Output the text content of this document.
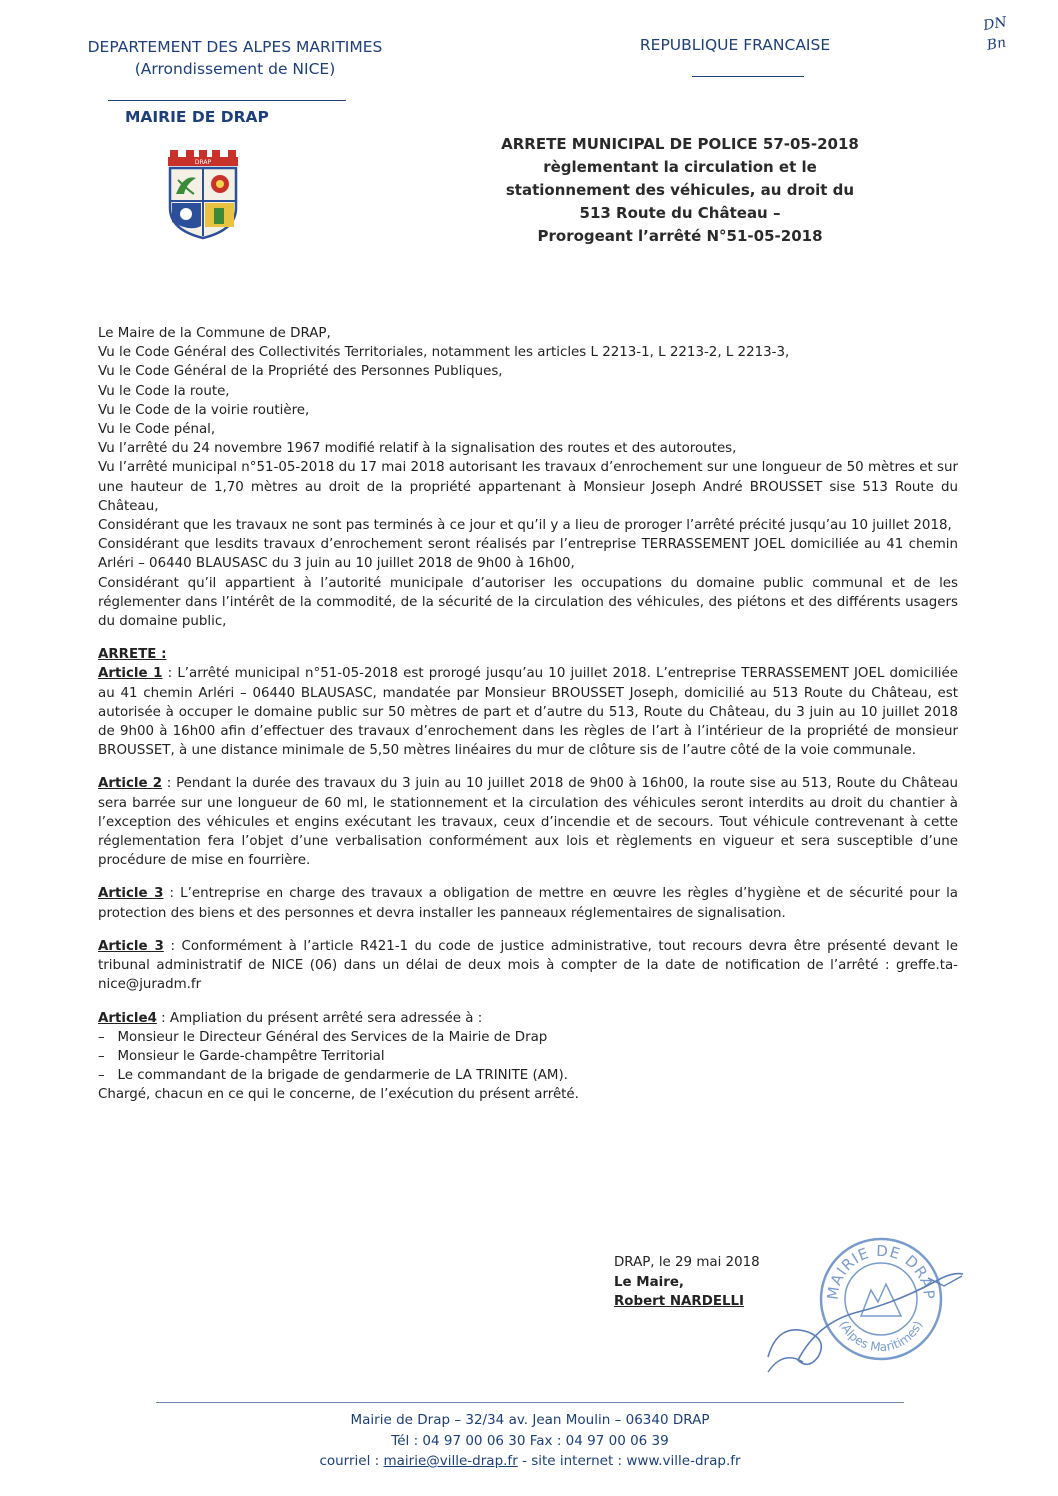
DEPARTEMENT DES ALPES MARITIMES
(Arrondissement de NICE)
REPUBLIQUE FRANCAISE
DN
Bn
MAIRIE DE DRAP
DRAP
ARRETE MUNICIPAL DE POLICE 57-05-2018
règlementant la circulation et le
stationnement des véhicules, au droit du
513 Route du Château –
Prorogeant l’arrêté N°51-05-2018

Le Maire de la Commune de DRAP,

Vu le Code Général des Collectivités Territoriales, notamment les articles L 2213-1, L 2213-2, L 2213-3,

Vu le Code Général de la Propriété des Personnes Publiques,

Vu le Code la route,

Vu le Code de la voirie routière,

Vu le Code pénal,

Vu l’arrêté du 24 novembre 1967 modifié relatif à la signalisation des routes et des autoroutes,

Vu l’arrêté municipal n°51-05-2018 du 17 mai 2018 autorisant les travaux d’enrochement sur une longueur de 50 mètres et sur une hauteur de 1,70 mètres au droit de la propriété appartenant à Monsieur Joseph André BROUSSET sise 513 Route du Château,

Considérant que les travaux ne sont pas terminés à ce jour et qu’il y a lieu de proroger l’arrêté précité jusqu’au 10 juillet 2018,

Considérant que lesdits travaux d’enrochement seront réalisés par l’entreprise TERRASSEMENT JOEL domiciliée au 41 chemin Arléri – 06440 BLAUSASC du 3 juin au 10 juillet 2018 de 9h00 à 16h00,

Considérant qu’il appartient à l’autorité municipale d’autoriser les occupations du domaine public communal et de les réglementer dans l’intérêt de la commodité, de la sécurité de la circulation des véhicules, des piétons et des différents usagers du domaine public,

ARRETE :

Article 1 : L’arrêté municipal n°51-05-2018 est prorogé jusqu’au 10 juillet 2018. L’entreprise TERRASSEMENT JOEL domiciliée au 41 chemin Arléri – 06440 BLAUSASC, mandatée par Monsieur BROUSSET Joseph, domicilié au 513 Route du Château, est autorisée à occuper le domaine public sur 50 mètres de part et d’autre du 513, Route du Château, du 3 juin au 10 juillet 2018 de 9h00 à 16h00 afin d’effectuer des travaux d’enrochement dans les règles de l’art à l’intérieur de la propriété de monsieur BROUSSET, à une distance minimale de 5,50 mètres linéaires du mur de clôture sis de l’autre côté de la voie communale.

Article 2 : Pendant la durée des travaux du 3 juin au 10 juillet 2018 de 9h00 à 16h00, la route sise au 513, Route du Château sera barrée sur une longueur de 60 ml, le stationnement et la circulation des véhicules seront interdits au droit du chantier à l’exception des véhicules et engins exécutant les travaux, ceux d’incendie et de secours. Tout véhicule contrevenant à cette réglementation fera l’objet d’une verbalisation conformément aux lois et règlements en vigueur et sera susceptible d’une procédure de mise en fourrière.

Article 3 : L’entreprise en charge des travaux a obligation de mettre en œuvre les règles d’hygiène et de sécurité pour la protection des biens et des personnes et devra installer les panneaux réglementaires de signalisation.

Article 3 : Conformément à l’article R421-1 du code de justice administrative, tout recours devra être présenté devant le tribunal administratif de NICE (06) dans un délai de deux mois à compter de la date de notification de l’arrêté : greffe.ta-nice@juradm.fr

Article4 : Ampliation du présent arrêté sera adressée à :

–   Monsieur le Directeur Général des Services de la Mairie de Drap

–   Monsieur le Garde-champêtre Territorial

–   Le commandant de la brigade de gendarmerie de LA TRINITE (AM).

Chargé, chacun en ce qui le concerne, de l’exécution du présent arrêté.

DRAP, le 29 mai 2018
Le Maire,
Robert NARDELLI
MAIRIE DE DRAP
(Alpes Maritimes)
Mairie de Drap – 32/34 av. Jean Moulin – 06340 DRAP
Tél : 04 97 00 06 30 Fax : 04 97 00 06 39
courriel : mairie@ville-drap.fr - site internet : www.ville-drap.fr
